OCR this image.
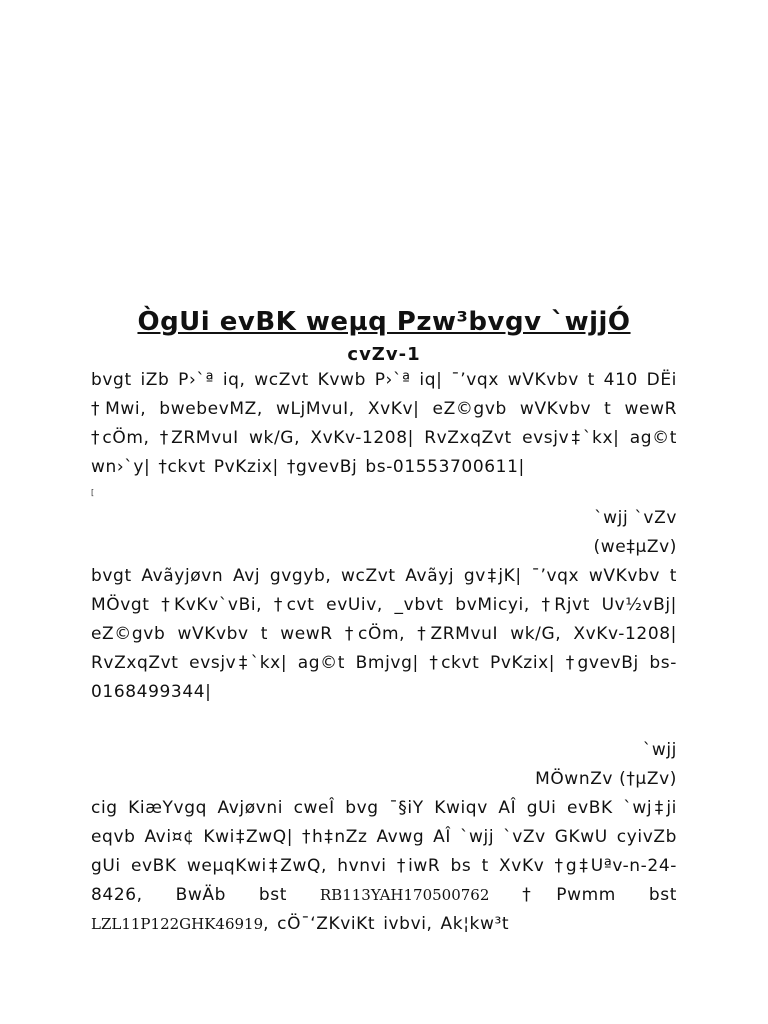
ÒgUi evBK weµq Pzw³bvgv `wjjÓ
cvZv-1

bvgt iZb P›`ª iq, wcZvt Kvwb P›`ª iq| ¯’vqx wVKvbv t 410 DËi †Mwi, bwebevMZ, wLjMvuI, XvKv| eZ©gvb wVKvbv t wewR †cÖm, †ZRMvuI wk/G, XvKv-1208| RvZxqZvt evsjv‡`kx| ag©t wn›`y| †ckvt PvKzix| †gvevBj bs-01553700611|

[

`wjj `vZv

(we‡µZv)

bvgt Avãyjøvn Avj gvgyb, wcZvt Avãyj gv‡jK| ¯’vqx wVKvbv t MÖvgt †KvKv`vBi, †cvt evUiv, _vbvt bvMicyi, †Rjvt Uv½vBj| eZ©gvb wVKvbv t wewR †cÖm, †ZRMvuI wk/G, XvKv-1208| RvZxqZvt evsjv‡`kx| ag©t Bmjvg| †ckvt PvKzix| †gvevBj bs-0168499344|

`wjj

MÖwnZv (†µZv)

cig KiæYvgq Avjøvni cweÎ bvg ¯§iY Kwiqv AÎ gUi evBK `wj‡ji eqvb Avi¤¢ Kwi‡ZwQ| †h‡nZz Avwg AÎ `wjj `vZv GKwU cyivZb gUi evBK weµqKwi‡ZwQ, hvnvi †iwR bs t XvKv †g‡Uªv-n-24-8426, BwÄb bst RB113YAH170500762 †Pwmm bst LZL11P122GHK46919, cÖ¯‘ZKviKt ivbvi, Ak¦kw³t
